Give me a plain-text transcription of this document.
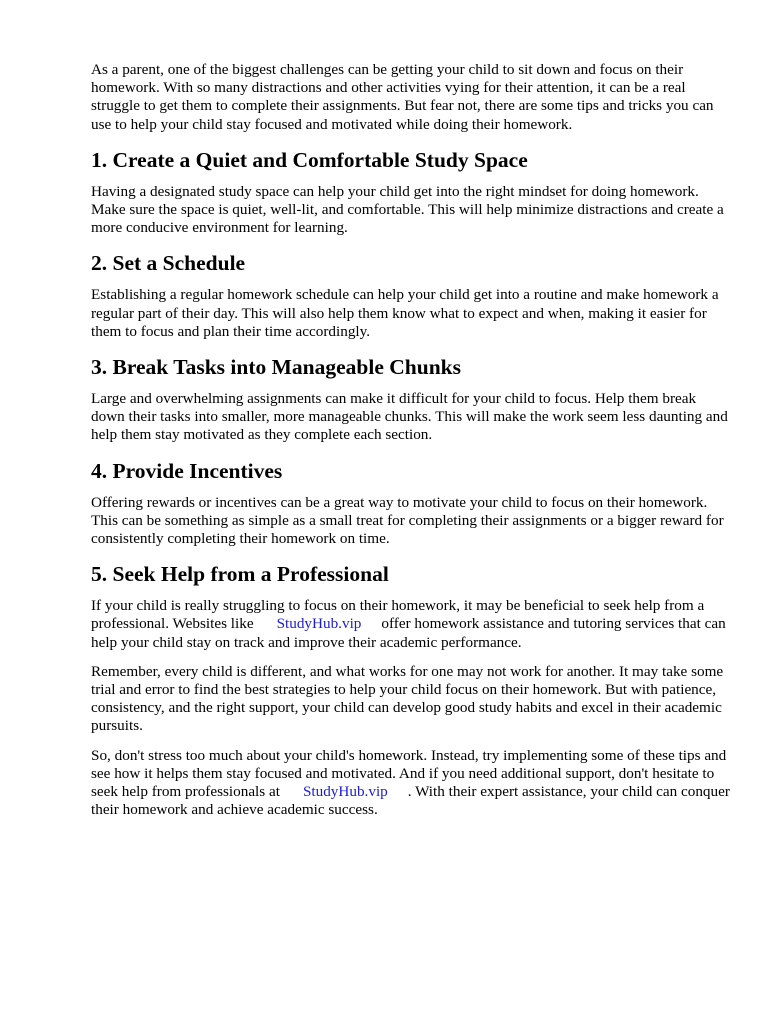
As a parent, one of the biggest challenges can be getting your child to sit down and focus on their homework. With so many distractions and other activities vying for their attention, it can be a real struggle to get them to complete their assignments. But fear not, there are some tips and tricks you can use to help your child stay focused and motivated while doing their homework.

1. Create a Quiet and Comfortable Study Space

Having a designated study space can help your child get into the right mindset for doing homework. Make sure the space is quiet, well-lit, and comfortable. This will help minimize distractions and create a more conducive environment for learning.

2. Set a Schedule

Establishing a regular homework schedule can help your child get into a routine and make homework a regular part of their day. This will also help them know what to expect and when, making it easier for them to focus and plan their time accordingly.

3. Break Tasks into Manageable Chunks

Large and overwhelming assignments can make it difficult for your child to focus. Help them break down their tasks into smaller, more manageable chunks. This will make the work seem less daunting and help them stay motivated as they complete each section.

4. Provide Incentives

Offering rewards or incentives can be a great way to motivate your child to focus on their homework. This can be something as simple as a small treat for completing their assignments or a bigger reward for consistently completing their homework on time.

5. Seek Help from a Professional

If your child is really struggling to focus on their homework, it may be beneficial to seek help from a professional. Websites like StudyHub.vip offer homework assistance and tutoring services that can help your child stay on track and improve their academic performance.

Remember, every child is different, and what works for one may not work for another. It may take some trial and error to find the best strategies to help your child focus on their homework. But with patience, consistency, and the right support, your child can develop good study habits and excel in their academic pursuits.

So, don't stress too much about your child's homework. Instead, try implementing some of these tips and see how it helps them stay focused and motivated. And if you need additional support, don't hesitate to seek help from professionals at StudyHub.vip . With their expert assistance, your child can conquer their homework and achieve academic success.
